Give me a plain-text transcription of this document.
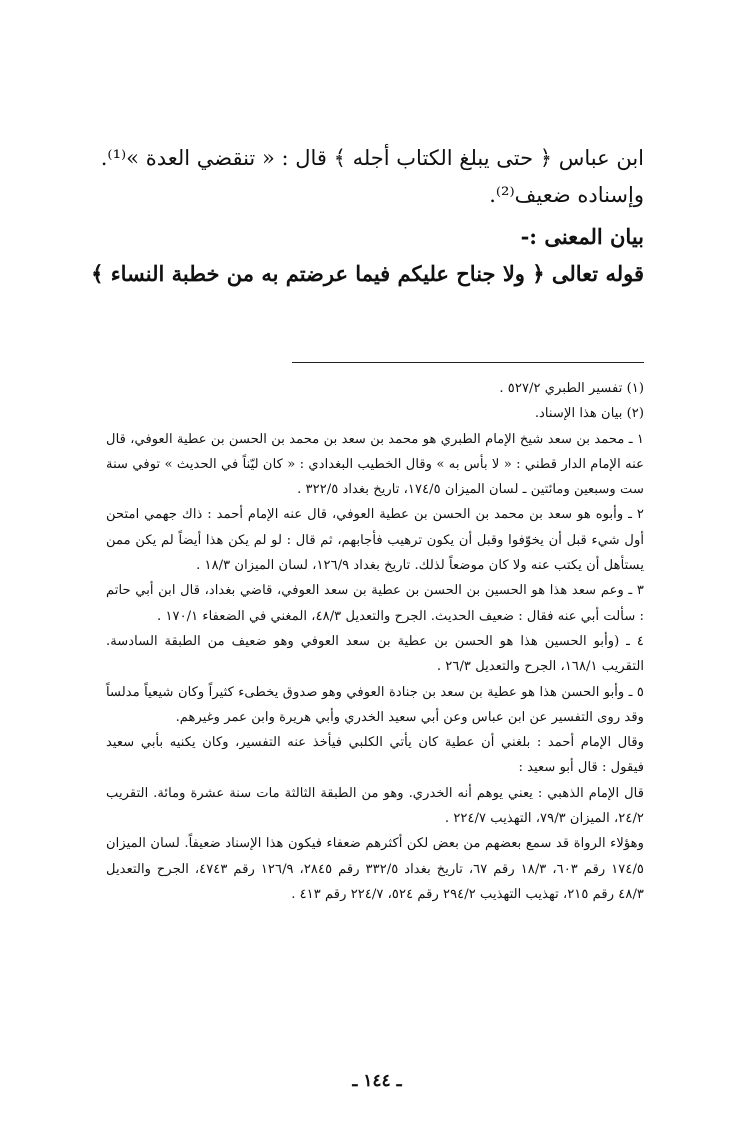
ابن عباس ﴿ حتى يبلغ الكتاب أجله ﴾ قال : « تنقضي العدة »⁽¹⁾.

وإسناده ضعيف⁽²⁾.

بيان المعنى :-

قوله تعالى ﴿ ولا جناح عليكم فيما عرضتم به من خطبة النساء ﴾

(١) تفسير الطبري ٥٢٧/٢ .

(٢) بيان هذا الإسناد.

١ ـ محمد بن سعد شيخ الإمام الطبري هو محمد بن سعد بن محمد بن الحسن بن عطية العوفي، قال عنه الإمام الدار قطني : « لا بأس به » وقال الخطيب البغدادي : « كان ليّناً في الحديث » توفي سنة ست وسبعين ومائتين ـ لسان الميزان ١٧٤/٥، تاريخ بغداد ٣٢٢/٥ .

٢ ـ وأبوه هو سعد بن محمد بن الحسن بن عطية العوفي، قال عنه الإمام أحمد : ذاك جهمي امتحن أول شيء قبل أن يخوّفوا وقبل أن يكون ترهيب فأجابهم، ثم قال : لو لم يكن هذا أيضاً لم يكن ممن يستأهل أن يكتب عنه ولا كان موضعاً لذلك. تاريخ بغداد ١٢٦/٩، لسان الميزان ١٨/٣ .

٣ ـ وعم سعد هذا هو الحسين بن الحسن بن عطية بن سعد العوفي، قاضي بغداد، قال ابن أبي حاتم : سألت أبي عنه فقال : ضعيف الحديث. الجرح والتعديل ٤٨/٣، المغني في الضعفاء ١٧٠/١ .

٤ ـ (وأبو الحسين هذا هو الحسن بن عطية بن سعد العوفي وهو ضعيف من الطبقة السادسة. التقريب ١٦٨/١، الجرح والتعديل ٢٦/٣ .

٥ ـ وأبو الحسن هذا هو عطية بن سعد بن جنادة العوفي وهو صدوق يخطىء كثيراً وكان شيعياً مدلساً وقد روى التفسير عن ابن عباس وعن أبي سعيد الخدري وأبي هريرة وابن عمر وغيرهم.

وقال الإمام أحمد : بلغني أن عطية كان يأتي الكلبي فيأخذ عنه التفسير، وكان يكنيه بأبي سعيد فيقول : قال أبو سعيد :

قال الإمام الذهبي : يعني يوهم أنه الخدري. وهو من الطبقة الثالثة مات سنة عشرة ومائة. التقريب ٢٤/٢، الميزان ٧٩/٣، التهذيب ٢٢٤/٧ .

وهؤلاء الرواة قد سمع بعضهم من بعض لكن أكثرهم ضعفاء فيكون هذا الإسناد ضعيفاً. لسان الميزان ١٧٤/٥ رقم ٦٠٣، ١٨/٣ رقم ٦٧، تاريخ بغداد ٣٣٢/٥ رقم ٢٨٤٥، ١٢٦/٩ رقم ٤٧٤٣، الجرح والتعديل ٤٨/٣ رقم ٢١٥، تهذيب التهذيب ٢٩٤/٢ رقم ٥٢٤، ٢٢٤/٧ رقم ٤١٣ .

ـ ١٤٤ ـ
